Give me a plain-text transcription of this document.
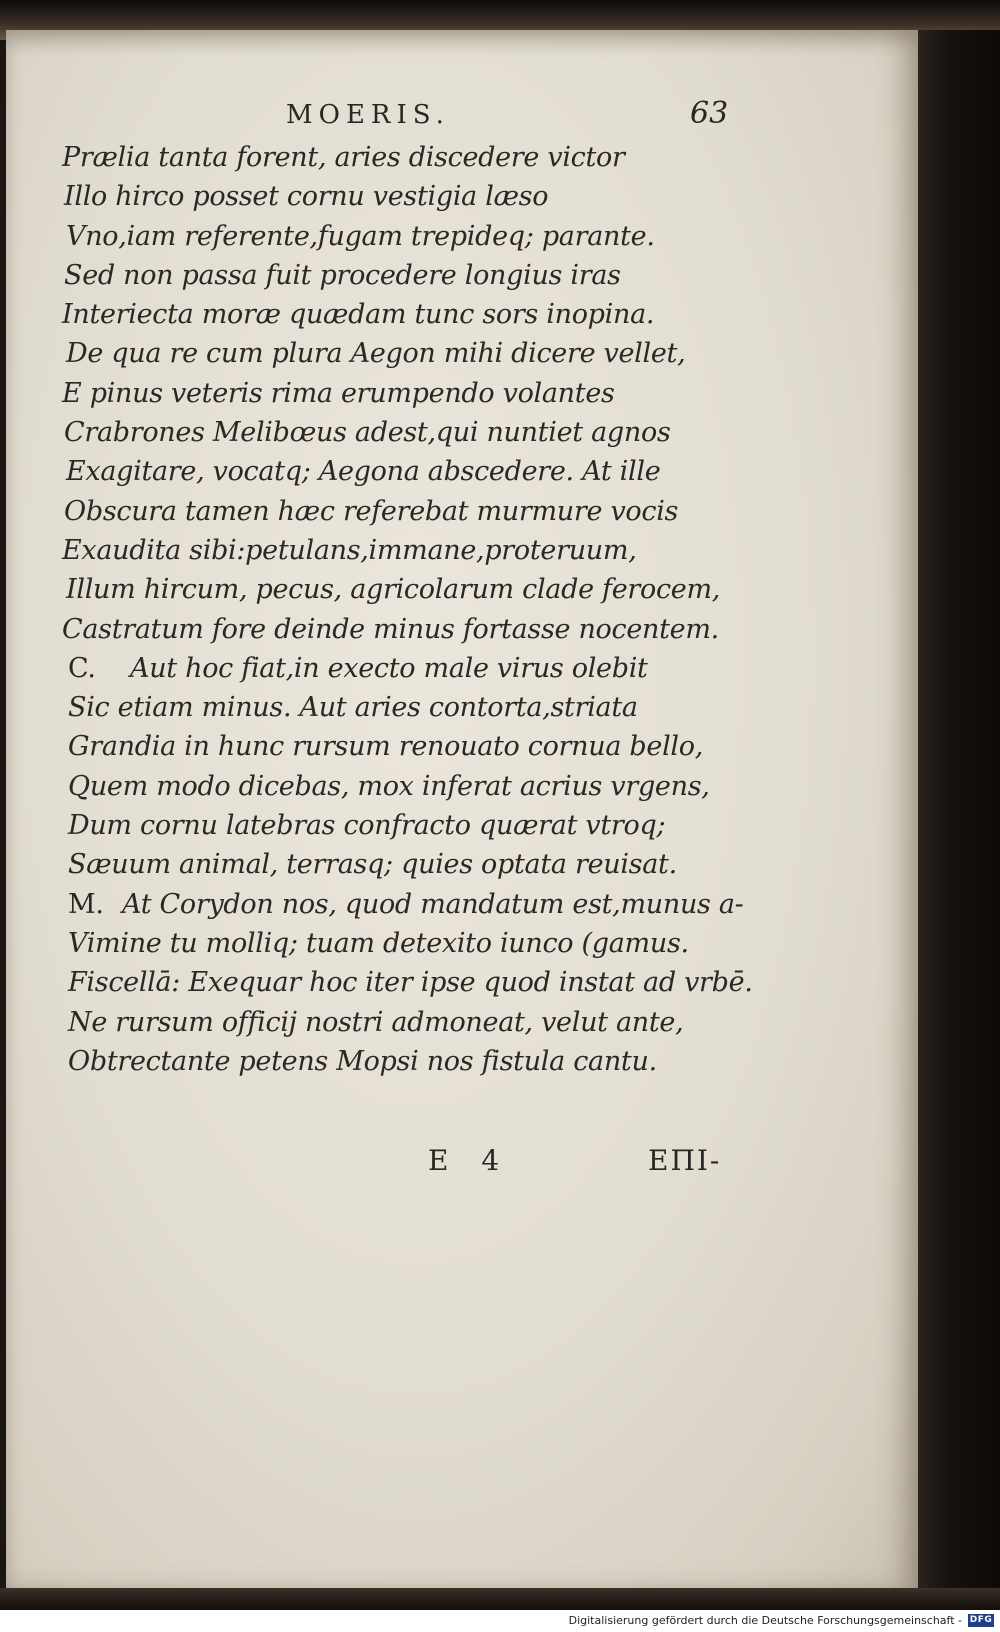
MOERIS.	63
Prælia tanta forent, aries discedere victor
Illo hirco posset cornu vestigia læso
Vno,iam referente,fugam trepideq; parante.
Sed non passa fuit procedere longius iras
Interiecta moræ quædam tunc sors inopina.
De qua re cum plura Aegon mihi dicere vellet,
E pinus veteris rima erumpendo volantes
Crabrones Melibœus adest,qui nuntiet agnos
Exagitare, vocatq; Aegona abscedere. At ille
Obscura tamen hæc referebat murmure vocis
Exaudita sibi:petulans,immane,proteruum,
Illum hircum, pecus, agricolarum clade ferocem,
Castratum fore deinde minus fortasse nocentem.
C. Aut hoc fiat,in execto male virus olebit
Sic etiam minus. Aut aries contorta,striata
Grandia in hunc rursum renouato cornua bello,
Quem modo dicebas, mox inferat acrius vrgens,
Dum cornu latebras confracto quærat vtroq;
Sæuum animal, terrasq; quies optata reuisat.
M. At Corydon nos, quod mandatum est,munus a-
Vimine tu molliq; tuam detexito iunco (gamus.
Fiscellā: Exequar hoc iter ipse quod instat ad vrbē.
Ne rursum officij nostri admoneat, velut ante,
Obtrectante petens Mopsi nos fistula cantu.
E 4	EΠI-
Digitalisierung gefördert durch die Deutsche Forschungsgemeinschaft - DFG
